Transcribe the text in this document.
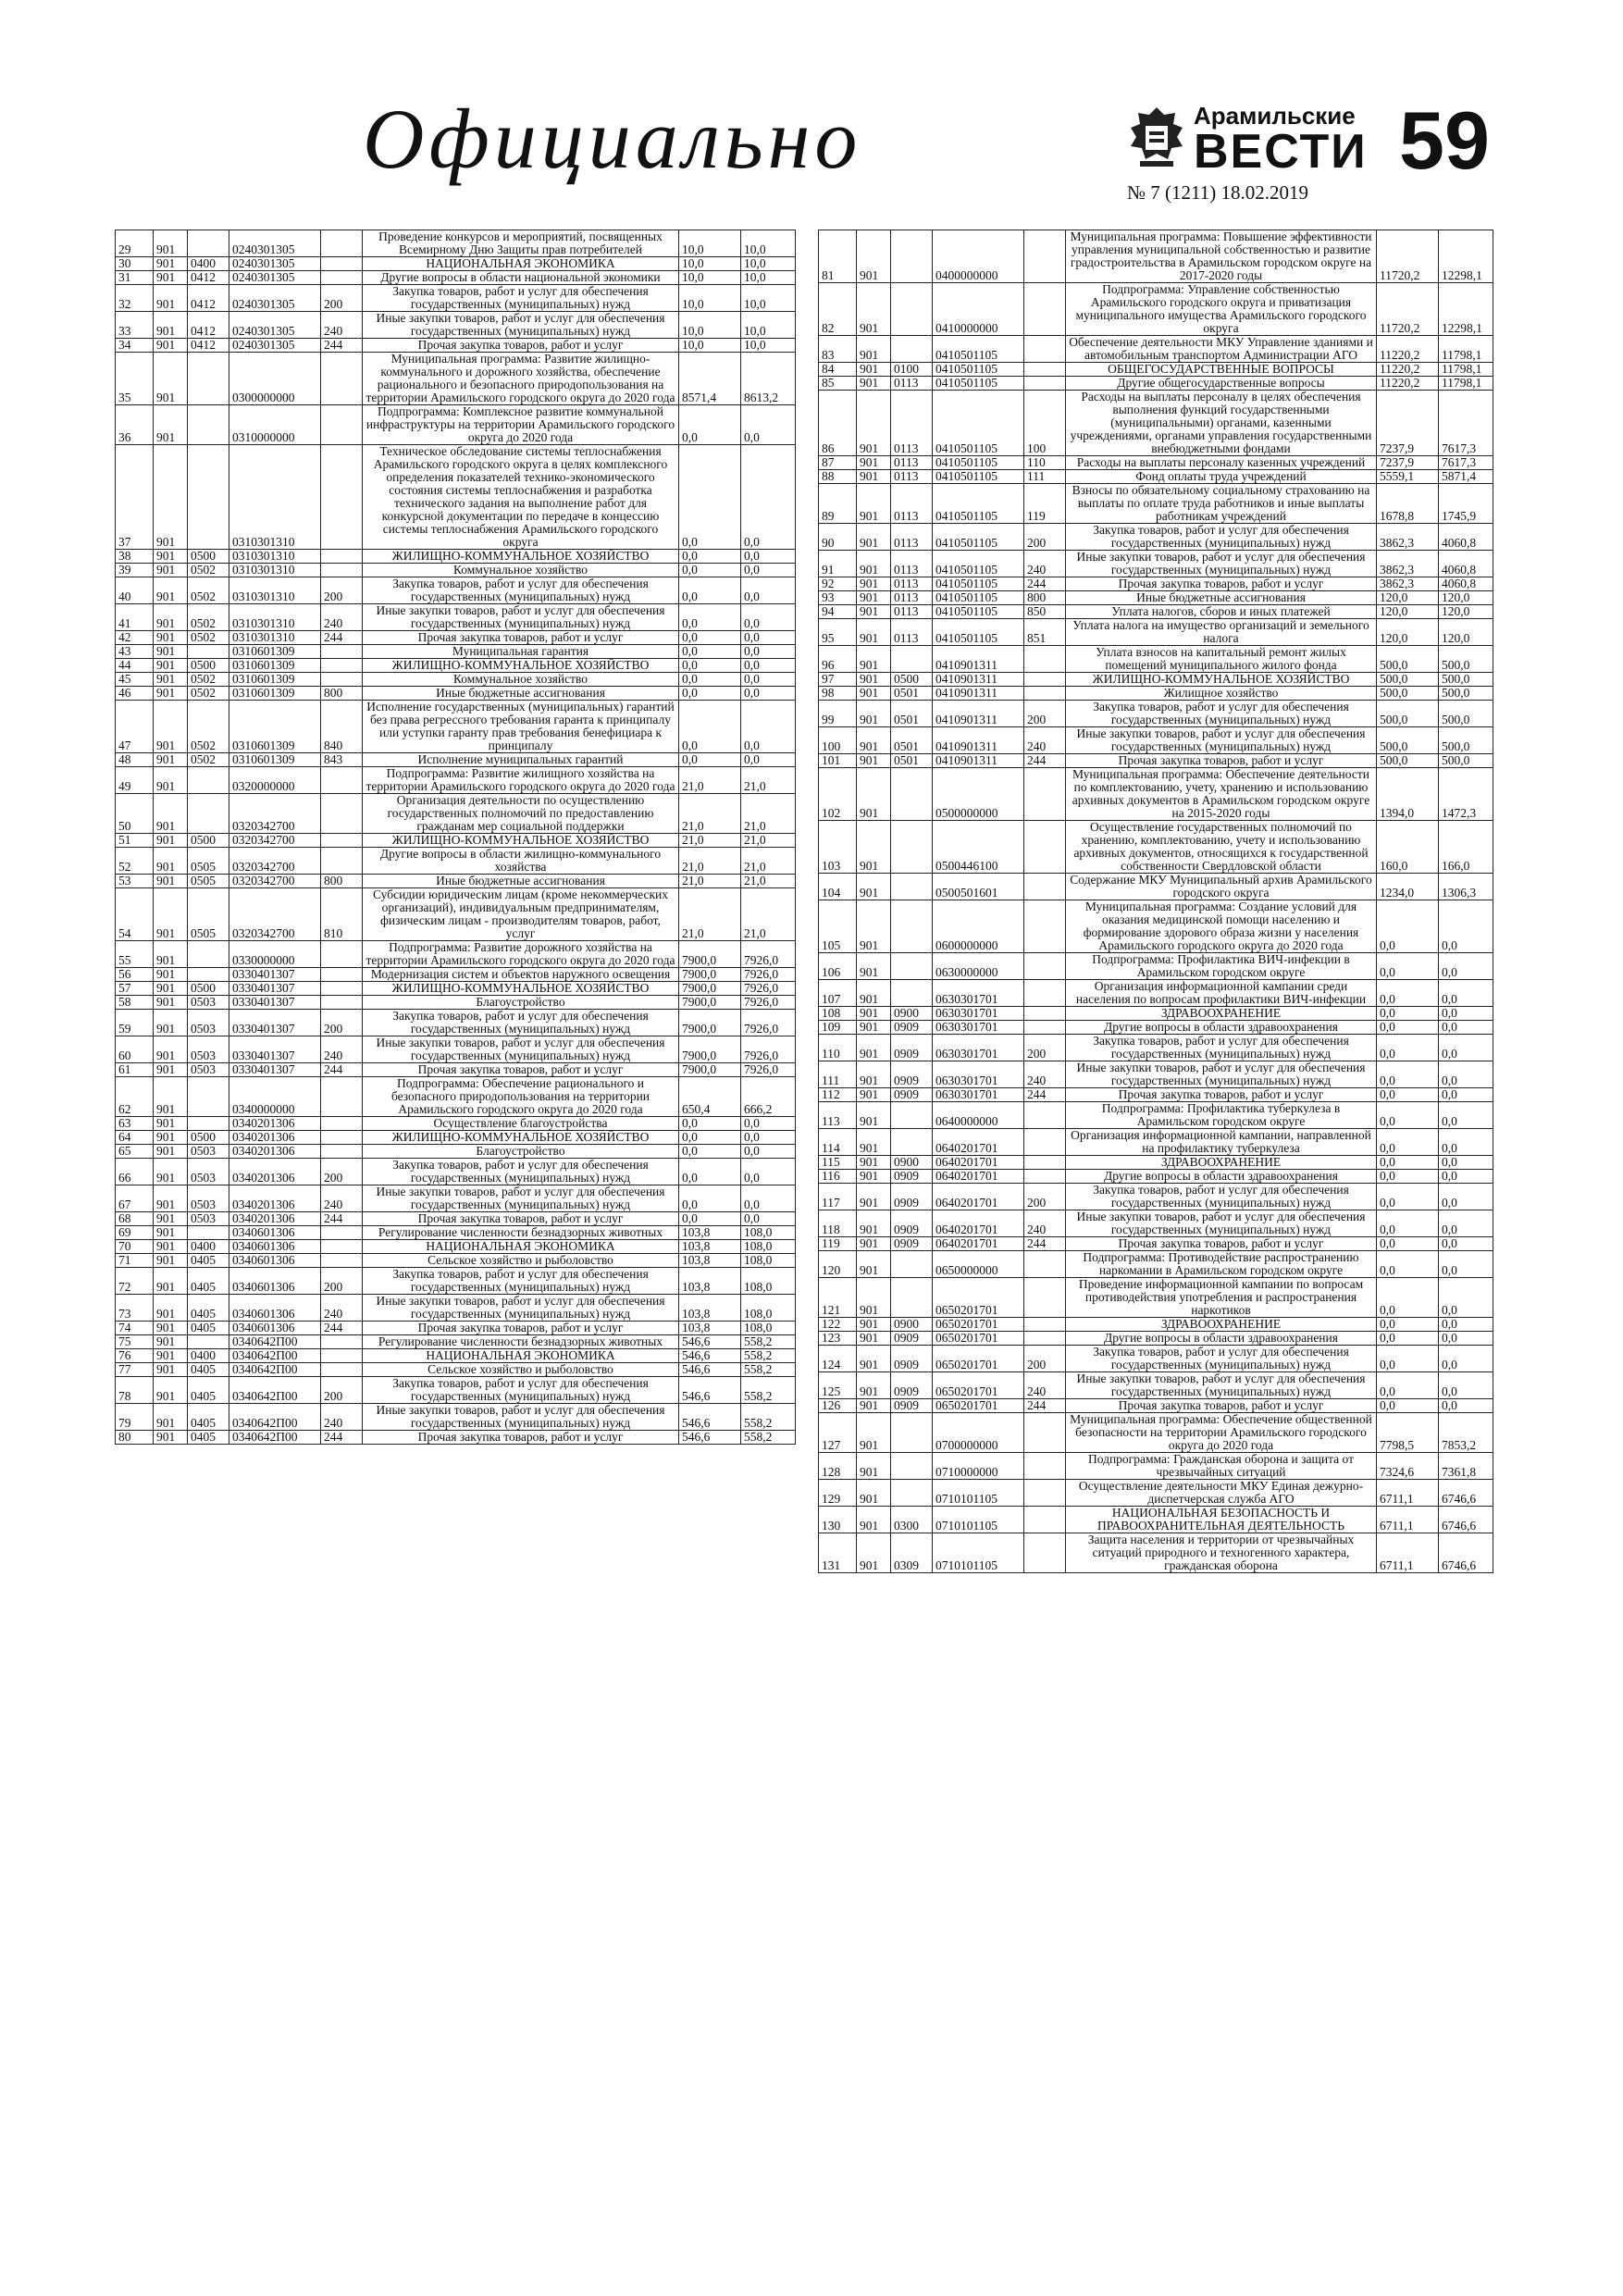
Официально	Арамильские
ВЕСТИ
№ 7 (1211) 18.02.2019
59
29	901		0240301305		Проведение конкурсов и мероприятий, посвященных Всемирному Дню Защиты прав потребителей	10,0	10,0
30	901	0400	0240301305		НАЦИОНАЛЬНАЯ ЭКОНОМИКА	10,0	10,0
31	901	0412	0240301305		Другие вопросы в области национальной экономики	10,0	10,0
32	901	0412	0240301305	200	Закупка товаров, работ и услуг для обеспечения государственных (муниципальных) нужд	10,0	10,0
33	901	0412	0240301305	240	Иные закупки товаров, работ и услуг для обеспечения государственных (муниципальных) нужд	10,0	10,0
34	901	0412	0240301305	244	Прочая закупка товаров, работ и услуг	10,0	10,0
35	901		0300000000		Муниципальная программа: Развитие жилищно-коммунального и дорожного хозяйства, обеспечение рационального и безопасного природопользования на территории Арамильского городского округа до 2020 года	8571,4	8613,2
36	901		0310000000		Подпрограмма: Комплексное развитие коммунальной инфраструктуры на территории Арамильского городского округа до 2020 года	0,0	0,0
37	901		0310301310		Техническое обследование системы теплоснабжения Арамильского городского округа в целях комплексного определения показателей технико-экономического состояния системы теплоснабжения и разработка технического задания на выполнение работ для конкурсной документации по передаче в концессию системы теплоснабжения Арамильского городского округа	0,0	0,0
38	901	0500	0310301310		ЖИЛИЩНО-КОММУНАЛЬНОЕ ХОЗЯЙСТВО	0,0	0,0
39	901	0502	0310301310		Коммунальное хозяйство	0,0	0,0
40	901	0502	0310301310	200	Закупка товаров, работ и услуг для обеспечения государственных (муниципальных) нужд	0,0	0,0
41	901	0502	0310301310	240	Иные закупки товаров, работ и услуг для обеспечения государственных (муниципальных) нужд	0,0	0,0
42	901	0502	0310301310	244	Прочая закупка товаров, работ и услуг	0,0	0,0
43	901		0310601309		Муниципальная гарантия	0,0	0,0
44	901	0500	0310601309		ЖИЛИЩНО-КОММУНАЛЬНОЕ ХОЗЯЙСТВО	0,0	0,0
45	901	0502	0310601309		Коммунальное хозяйство	0,0	0,0
46	901	0502	0310601309	800	Иные бюджетные ассигнования	0,0	0,0
47	901	0502	0310601309	840	Исполнение государственных (муниципальных) гарантий без права регрессного требования гаранта к принципалу или уступки гаранту прав требования бенефициара к принципалу	0,0	0,0
48	901	0502	0310601309	843	Исполнение муниципальных гарантий	0,0	0,0
49	901		0320000000		Подпрограмма: Развитие жилищного хозяйства на территории Арамильского городского округа до 2020 года	21,0	21,0
50	901		0320342700		Организация деятельности по осуществлению государственных полномочий по предоставлению гражданам мер социальной поддержки	21,0	21,0
51	901	0500	0320342700		ЖИЛИЩНО-КОММУНАЛЬНОЕ ХОЗЯЙСТВО	21,0	21,0
52	901	0505	0320342700		Другие вопросы в области жилищно-коммунального хозяйства	21,0	21,0
53	901	0505	0320342700	800	Иные бюджетные ассигнования	21,0	21,0
54	901	0505	0320342700	810	Субсидии юридическим лицам (кроме некоммерческих организаций), индивидуальным предпринимателям, физическим лицам - производителям товаров, работ, услуг	21,0	21,0
55	901		0330000000		Подпрограмма: Развитие дорожного хозяйства на территории Арамильского городского округа до 2020 года	7900,0	7926,0
56	901		0330401307		Модернизация систем и объектов наружного освещения	7900,0	7926,0
57	901	0500	0330401307		ЖИЛИЩНО-КОММУНАЛЬНОЕ ХОЗЯЙСТВО	7900,0	7926,0
58	901	0503	0330401307		Благоустройство	7900,0	7926,0
59	901	0503	0330401307	200	Закупка товаров, работ и услуг для обеспечения государственных (муниципальных) нужд	7900,0	7926,0
60	901	0503	0330401307	240	Иные закупки товаров, работ и услуг для обеспечения государственных (муниципальных) нужд	7900,0	7926,0
61	901	0503	0330401307	244	Прочая закупка товаров, работ и услуг	7900,0	7926,0
62	901		0340000000		Подпрограмма: Обеспечение рационального и безопасного природопользования на территории Арамильского городского округа до 2020 года	650,4	666,2
63	901		0340201306		Осуществление благоустройства	0,0	0,0
64	901	0500	0340201306		ЖИЛИЩНО-КОММУНАЛЬНОЕ ХОЗЯЙСТВО	0,0	0,0
65	901	0503	0340201306		Благоустройство	0,0	0,0
66	901	0503	0340201306	200	Закупка товаров, работ и услуг для обеспечения государственных (муниципальных) нужд	0,0	0,0
67	901	0503	0340201306	240	Иные закупки товаров, работ и услуг для обеспечения государственных (муниципальных) нужд	0,0	0,0
68	901	0503	0340201306	244	Прочая закупка товаров, работ и услуг	0,0	0,0
69	901		0340601306		Регулирование численности безнадзорных животных	103,8	108,0
70	901	0400	0340601306		НАЦИОНАЛЬНАЯ ЭКОНОМИКА	103,8	108,0
71	901	0405	0340601306		Сельское хозяйство и рыболовство	103,8	108,0
72	901	0405	0340601306	200	Закупка товаров, работ и услуг для обеспечения государственных (муниципальных) нужд	103,8	108,0
73	901	0405	0340601306	240	Иные закупки товаров, работ и услуг для обеспечения государственных (муниципальных) нужд	103,8	108,0
74	901	0405	0340601306	244	Прочая закупка товаров, работ и услуг	103,8	108,0
75	901		0340642П00		Регулирование численности безнадзорных животных	546,6	558,2
76	901	0400	0340642П00		НАЦИОНАЛЬНАЯ ЭКОНОМИКА	546,6	558,2
77	901	0405	0340642П00		Сельское хозяйство и рыболовство	546,6	558,2
78	901	0405	0340642П00	200	Закупка товаров, работ и услуг для обеспечения государственных (муниципальных) нужд	546,6	558,2
79	901	0405	0340642П00	240	Иные закупки товаров, работ и услуг для обеспечения государственных (муниципальных) нужд	546,6	558,2
80	901	0405	0340642П00	244	Прочая закупка товаров, работ и услуг	546,6	558,2
81	901		0400000000		Муниципальная программа: Повышение эффективности управления муниципальной собственностью и развитие градостроительства в Арамильском городском округе на 2017-2020 годы	11720,2	12298,1
82	901		0410000000		Подпрограмма: Управление собственностью Арамильского городского округа и приватизация муниципального имущества Арамильского городского округа	11720,2	12298,1
83	901		0410501105		Обеспечение деятельности МКУ Управление зданиями и автомобильным транспортом Администрации АГО	11220,2	11798,1
84	901	0100	0410501105		ОБЩЕГОСУДАРСТВЕННЫЕ ВОПРОСЫ	11220,2	11798,1
85	901	0113	0410501105		Другие общегосударственные вопросы	11220,2	11798,1
86	901	0113	0410501105	100	Расходы на выплаты персоналу в целях обеспечения выполнения функций государственными (муниципальными) органами, казенными учреждениями, органами управления государственными внебюджетными фондами	7237,9	7617,3
87	901	0113	0410501105	110	Расходы на выплаты персоналу казенных учреждений	7237,9	7617,3
88	901	0113	0410501105	111	Фонд оплаты труда учреждений	5559,1	5871,4
89	901	0113	0410501105	119	Взносы по обязательному социальному страхованию на выплаты по оплате труда работников и иные выплаты работникам учреждений	1678,8	1745,9
90	901	0113	0410501105	200	Закупка товаров, работ и услуг для обеспечения государственных (муниципальных) нужд	3862,3	4060,8
91	901	0113	0410501105	240	Иные закупки товаров, работ и услуг для обеспечения государственных (муниципальных) нужд	3862,3	4060,8
92	901	0113	0410501105	244	Прочая закупка товаров, работ и услуг	3862,3	4060,8
93	901	0113	0410501105	800	Иные бюджетные ассигнования	120,0	120,0
94	901	0113	0410501105	850	Уплата налогов, сборов и иных платежей	120,0	120,0
95	901	0113	0410501105	851	Уплата налога на имущество организаций и земельного налога	120,0	120,0
96	901		0410901311		Уплата взносов на капитальный ремонт жилых помещений муниципального жилого фонда	500,0	500,0
97	901	0500	0410901311		ЖИЛИЩНО-КОММУНАЛЬНОЕ ХОЗЯЙСТВО	500,0	500,0
98	901	0501	0410901311		Жилищное хозяйство	500,0	500,0
99	901	0501	0410901311	200	Закупка товаров, работ и услуг для обеспечения государственных (муниципальных) нужд	500,0	500,0
100	901	0501	0410901311	240	Иные закупки товаров, работ и услуг для обеспечения государственных (муниципальных) нужд	500,0	500,0
101	901	0501	0410901311	244	Прочая закупка товаров, работ и услуг	500,0	500,0
102	901		0500000000		Муниципальная программа: Обеспечение деятельности по комплектованию, учету, хранению и использованию архивных документов в Арамильском городском округе на 2015-2020 годы	1394,0	1472,3
103	901		0500446100		Осуществление государственных полномочий по хранению, комплектованию, учету и использованию архивных документов, относящихся к государственной собственности Свердловской области	160,0	166,0
104	901		0500501601		Содержание МКУ Муниципальный архив Арамильского городского округа	1234,0	1306,3
105	901		0600000000		Муниципальная программа: Создание условий для оказания медицинской помощи населению и формирование здорового образа жизни у населения Арамильского городского округа до 2020 года	0,0	0,0
106	901		0630000000		Подпрограмма: Профилактика ВИЧ-инфекции в Арамильском городском округе	0,0	0,0
107	901		0630301701		Организация информационной кампании среди населения по вопросам профилактики ВИЧ-инфекции	0,0	0,0
108	901	0900	0630301701		ЗДРАВООХРАНЕНИЕ	0,0	0,0
109	901	0909	0630301701		Другие вопросы в области здравоохранения	0,0	0,0
110	901	0909	0630301701	200	Закупка товаров, работ и услуг для обеспечения государственных (муниципальных) нужд	0,0	0,0
111	901	0909	0630301701	240	Иные закупки товаров, работ и услуг для обеспечения государственных (муниципальных) нужд	0,0	0,0
112	901	0909	0630301701	244	Прочая закупка товаров, работ и услуг	0,0	0,0
113	901		0640000000		Подпрограмма: Профилактика туберкулеза в Арамильском городском округе	0,0	0,0
114	901		0640201701		Организация информационной кампании, направленной на профилактику туберкулеза	0,0	0,0
115	901	0900	0640201701		ЗДРАВООХРАНЕНИЕ	0,0	0,0
116	901	0909	0640201701		Другие вопросы в области здравоохранения	0,0	0,0
117	901	0909	0640201701	200	Закупка товаров, работ и услуг для обеспечения государственных (муниципальных) нужд	0,0	0,0
118	901	0909	0640201701	240	Иные закупки товаров, работ и услуг для обеспечения государственных (муниципальных) нужд	0,0	0,0
119	901	0909	0640201701	244	Прочая закупка товаров, работ и услуг	0,0	0,0
120	901		0650000000		Подпрограмма: Противодействие распространению наркомании в Арамильском городском округе	0,0	0,0
121	901		0650201701		Проведение информационной кампании по вопросам противодействия употребления и распространения наркотиков	0,0	0,0
122	901	0900	0650201701		ЗДРАВООХРАНЕНИЕ	0,0	0,0
123	901	0909	0650201701		Другие вопросы в области здравоохранения	0,0	0,0
124	901	0909	0650201701	200	Закупка товаров, работ и услуг для обеспечения государственных (муниципальных) нужд	0,0	0,0
125	901	0909	0650201701	240	Иные закупки товаров, работ и услуг для обеспечения государственных (муниципальных) нужд	0,0	0,0
126	901	0909	0650201701	244	Прочая закупка товаров, работ и услуг	0,0	0,0
127	901		0700000000		Муниципальная программа: Обеспечение общественной безопасности на территории Арамильского городского округа до 2020 года	7798,5	7853,2
128	901		0710000000		Подпрограмма: Гражданская оборона и защита от чрезвычайных ситуаций	7324,6	7361,8
129	901		0710101105		Осуществление деятельности МКУ Единая дежурно-диспетчерская служба АГО	6711,1	6746,6
130	901	0300	0710101105		НАЦИОНАЛЬНАЯ БЕЗОПАСНОСТЬ И ПРАВООХРАНИТЕЛЬНАЯ ДЕЯТЕЛЬНОСТЬ	6711,1	6746,6
131	901	0309	0710101105		Защита населения и территории от чрезвычайных ситуаций природного и техногенного характера, гражданская оборона	6711,1	6746,6
